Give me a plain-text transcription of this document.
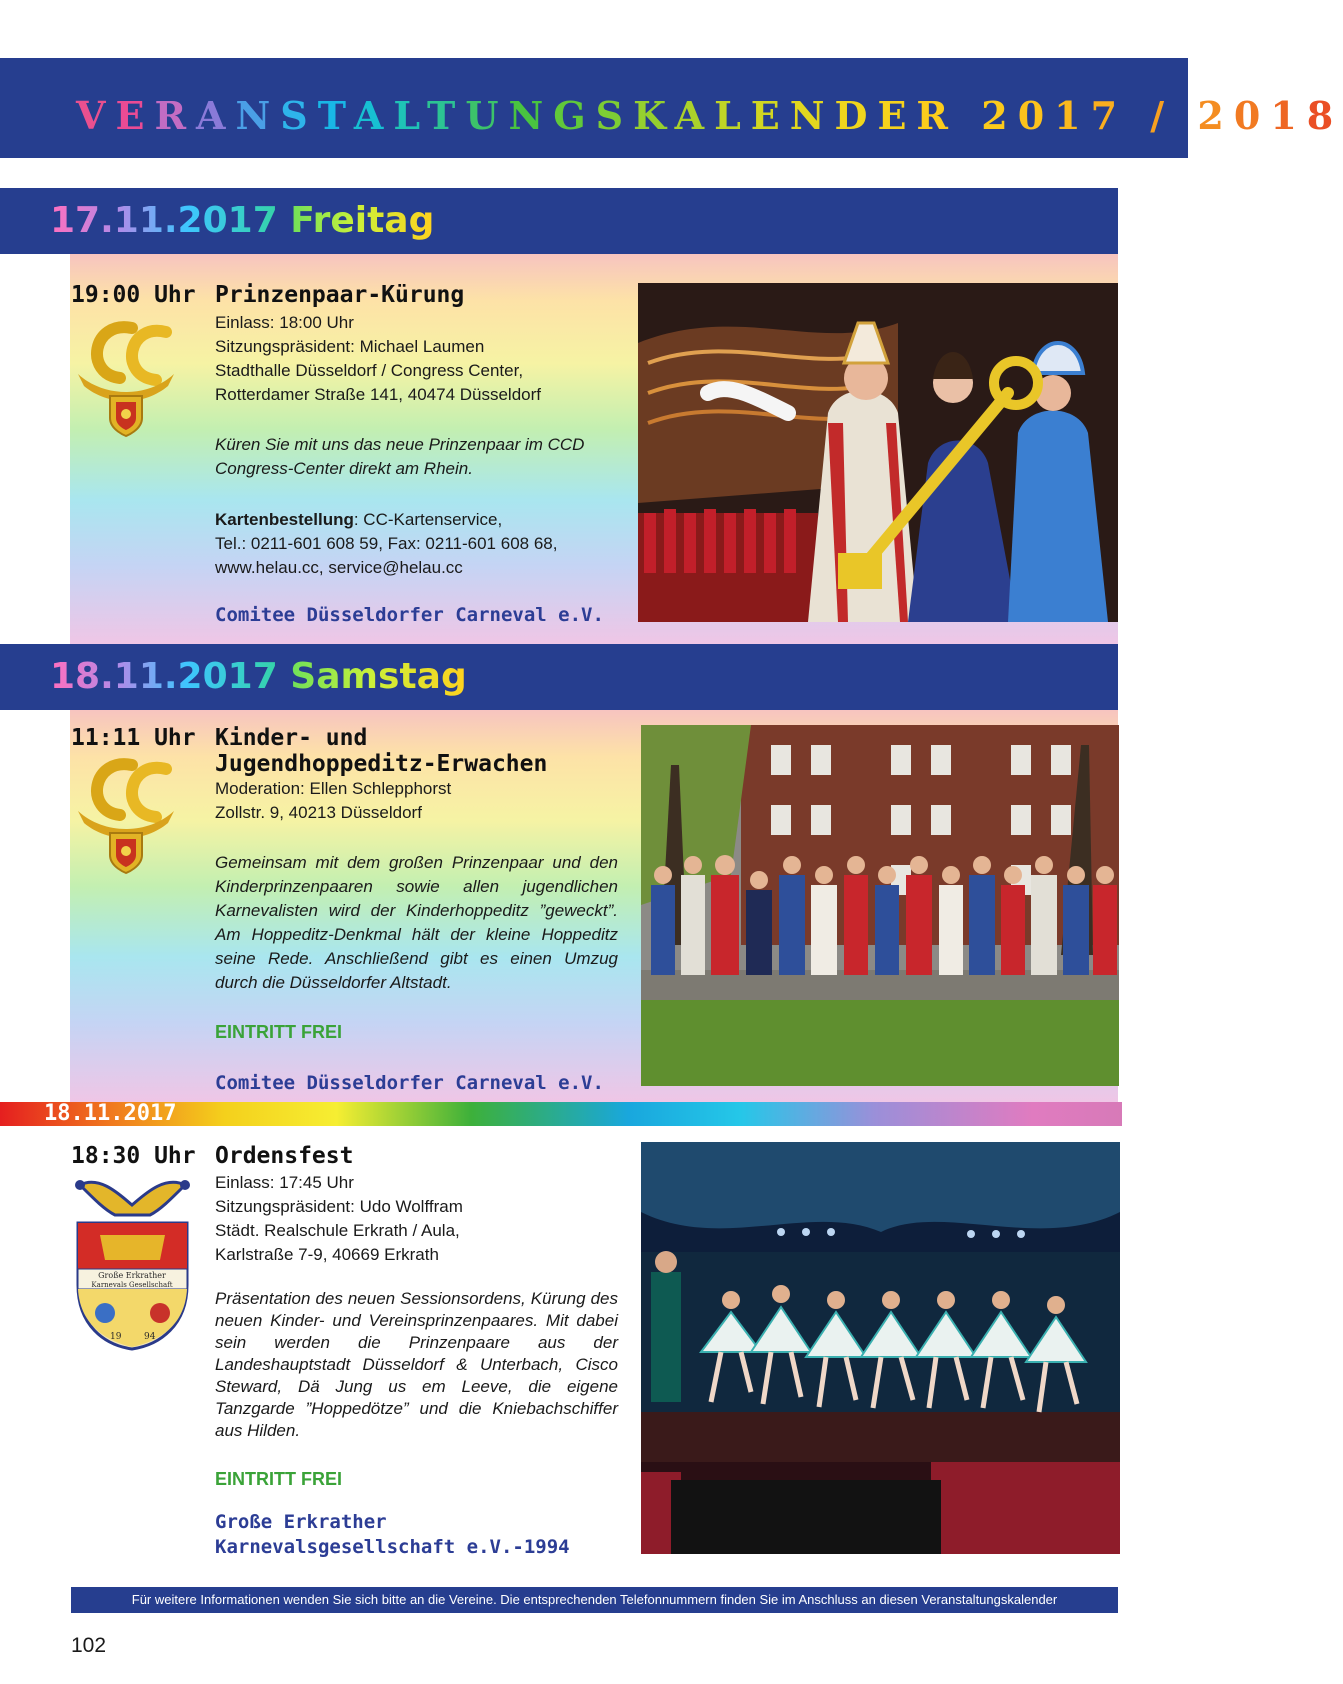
VERANSTALTUNGSKALENDER 2017 / 2018
17.11.2017 Freitag
19:00 Uhr Prinzenpaar-Kürung
Einlass: 18:00 Uhr
Sitzungspräsident: Michael Laumen
Stadthalle Düsseldorf / Congress Center,
Rotterdamer Straße 141, 40474 Düsseldorf
Küren Sie mit uns das neue Prinzenpaar im CCD Congress-Center direkt am Rhein.
Kartenbestellung: CC-Kartenservice,
Tel.: 0211-601 608 59, Fax: 0211-601 608 68,
www.helau.cc, service@helau.cc
Comitee Düsseldorfer Carneval e.V.
18.11.2017 Samstag
11:11 Uhr Kinder- und
Jugendhoppeditz-Erwachen
Moderation: Ellen Schlepphorst
Zollstr. 9, 40213 Düsseldorf
Gemeinsam mit dem großen Prinzenpaar und den Kinderprinzenpaaren sowie allen jugendlichen Karnevalisten wird der Kinderhoppeditz ”geweckt”. Am Hoppeditz-Denkmal hält der kleine Hoppeditz seine Rede. Anschließend gibt es einen Umzug durch die Düsseldorfer Altstadt.
EINTRITT FREI
Comitee Düsseldorfer Carneval e.V.
18.11.2017
18:30 Uhr Ordensfest
Einlass: 17:45 Uhr
Sitzungspräsident: Udo Wolffram
Städt. Realschule Erkrath / Aula,
Karlstraße 7-9, 40669 Erkrath
Präsentation des neuen Sessionsordens, Kürung des neuen Kinder- und Vereinsprinzenpaares. Mit dabei sein werden die Prinzenpaare aus der Landeshauptstadt Düsseldorf & Unterbach, Cisco Steward, Dä Jung us em Leeve, die eigene Tanzgarde ”Hoppedötze” und die Kniebachschiffer aus Hilden.
EINTRITT FREI
Große Erkrather
Karnevalsgesellschaft e.V.-1994
Große Erkrather
Karnevals Gesellschaft
19	94
Für weitere Informationen wenden Sie sich bitte an die Vereine. Die entsprechenden Telefonnummern finden Sie im Anschluss an diesen Veranstaltungskalender
102
